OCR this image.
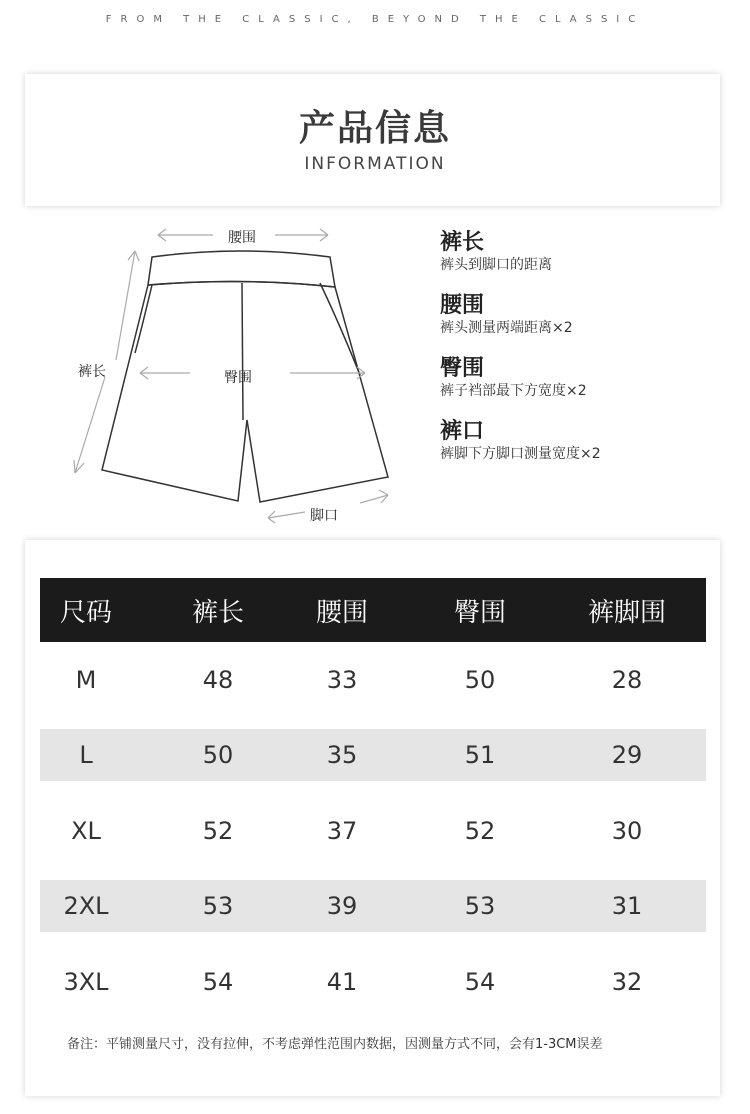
FROM THE CLASSIC, BEYOND THE CLASSIC
产品信息
INFORMATION
腰围
裤长	臀围
脚口
裤长
裤头到脚口的距离
腰围
裤头测量两端距离×2
臀围
裤子裆部最下方宽度×2
裤口
裤脚下方脚口测量宽度×2
尺码	裤长	腰围	臀围	裤脚围
M	48	33	50	28
L	50	35	51	29
XL	52	37	52	30
2XL	53	39	53	31
3XL	54	41	54	32
备注：平铺测量尺寸，没有拉伸，不考虑弹性范围内数据，因测量方式不同，会有1-3CM误差
